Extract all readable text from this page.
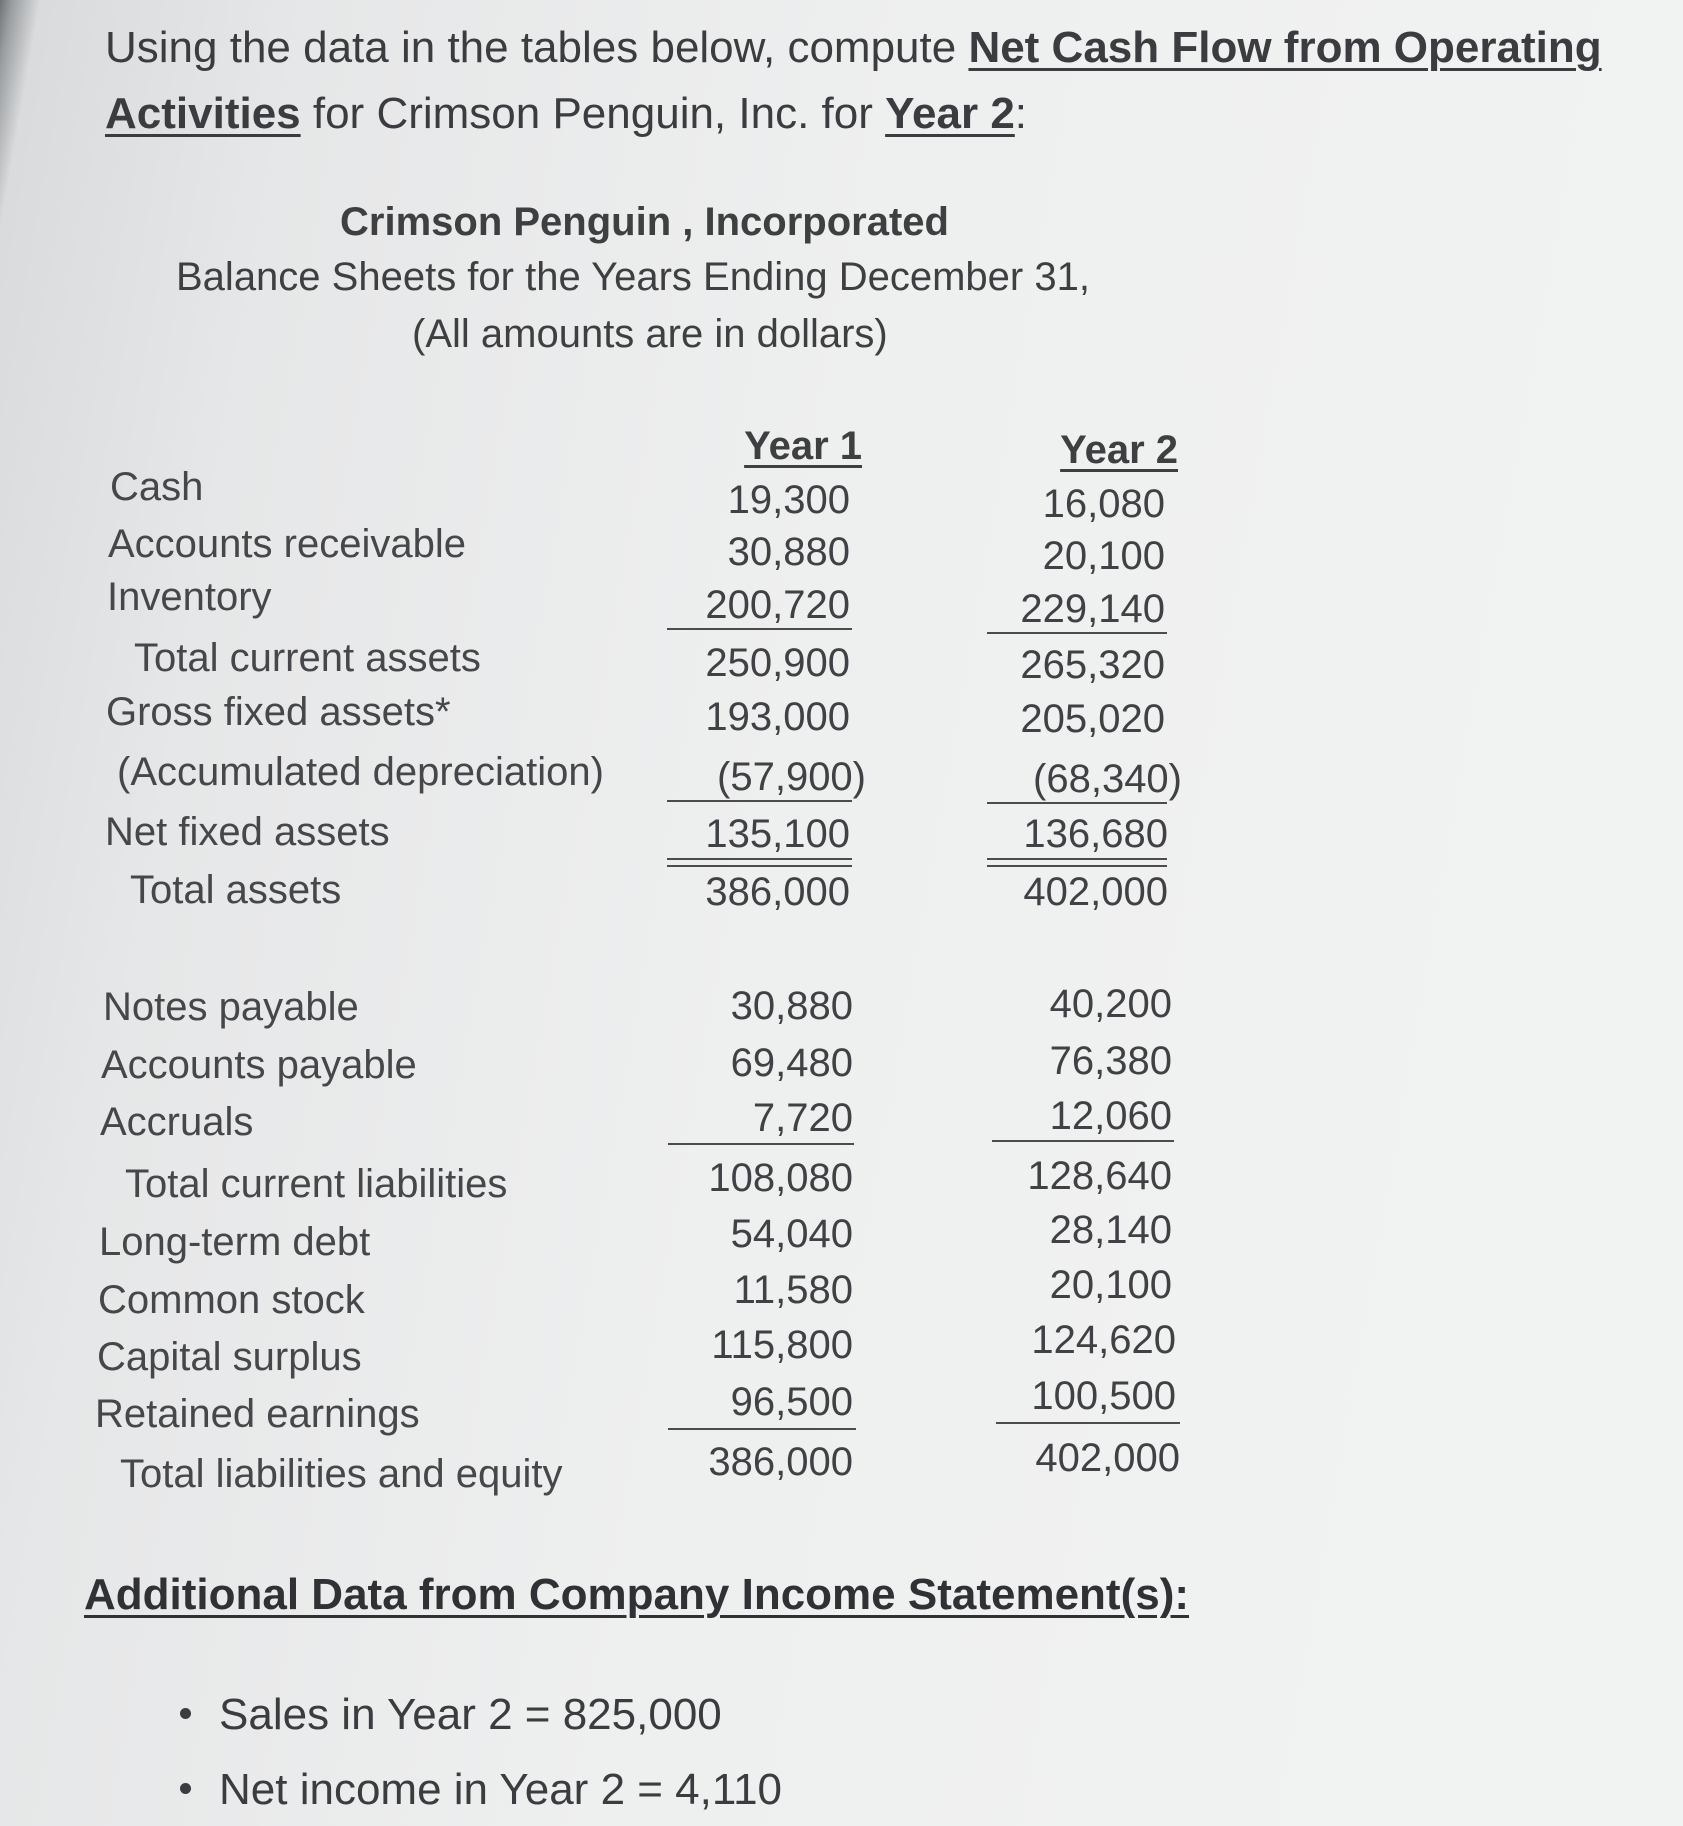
Using the data in the tables below, compute Net Cash Flow from Operating
Activities for Crimson Penguin, Inc. for Year 2:
Crimson Penguin , Incorporated
Balance Sheets for the Years Ending December 31,
(All amounts are in dollars)
Year 1	Year 2
Cash	19,300	16,080
Accounts receivable	30,880	20,100
Inventory	200,720	229,140
Total current assets	250,900	265,320
Gross fixed assets*	193,000	205,020
(Accumulated depreciation)	(57,900)	(68,340)
Net fixed assets	135,100	136,680
Total assets	386,000	402,000
Notes payable	30,880	40,200
Accounts payable	69,480	76,380
Accruals	7,720	12,060
Total current liabilities	108,080	128,640
Long-term debt	54,040	28,140
Common stock	11,580	20,100
Capital surplus	115,800	124,620
Retained earnings	96,500	100,500
Total liabilities and equity	386,000	402,000
Additional Data from Company Income Statement(s):
Sales in Year 2 = 825,000
Net income in Year 2 = 4,110
